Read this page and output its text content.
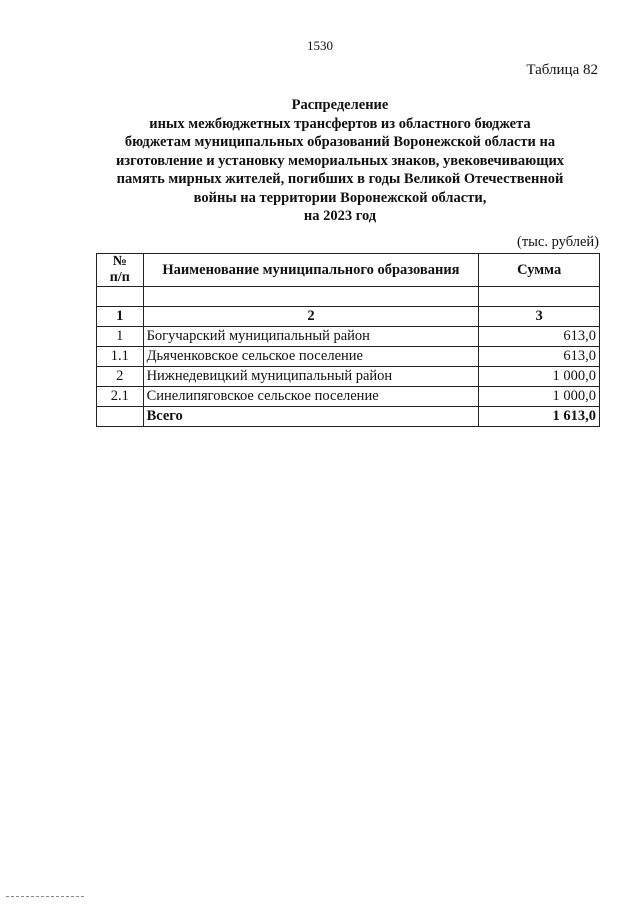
1530
Таблица 82
Распределение
иных межбюджетных трансфертов из областного бюджета
бюджетам муниципальных образований Воронежской области на
изготовление и установку мемориальных знаков, увековечивающих
память мирных жителей, погибших в годы Великой Отечественной
войны на территории Воронежской области,
на 2023 год
(тыс. рублей)
№
п/п	Наименование муниципального образования	Сумма

1	2	3
1	Богучарский муниципальный район	613,0
1.1	Дьяченковское сельское поселение	613,0
2	Нижнедевицкий муниципальный район	1 000,0
2.1	Синелипяговское сельское поселение	1 000,0
	Всего	1 613,0
